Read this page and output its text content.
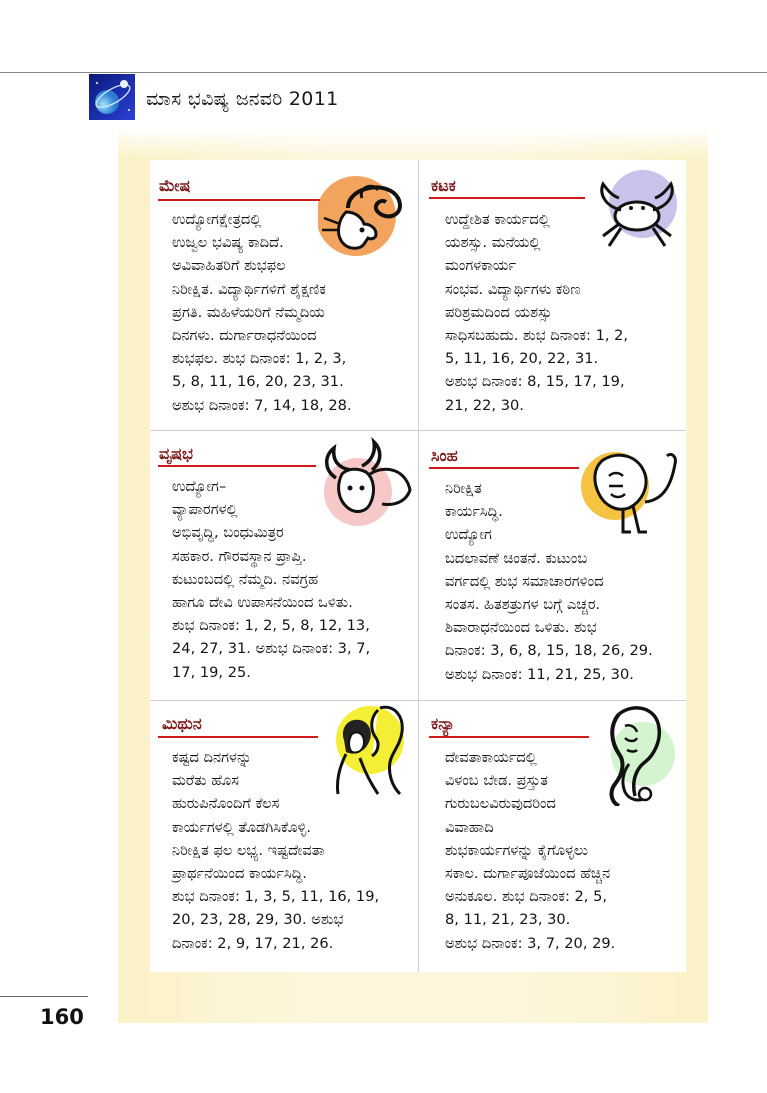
ಮಾಸ ಭವಿಷ್ಯ ಜನವರಿ 2011
ಮೇಷ
ಉದ್ಯೋಗಕ್ಷೇತ್ರದಲ್ಲಿ
ಉಜ್ವಲ ಭವಿಷ್ಯ ಕಾದಿದೆ.
ಅವಿವಾಹಿತರಿಗೆ ಶುಭಫಲ
ನಿರೀಕ್ಷಿತ. ವಿದ್ಯಾರ್ಥಿಗಳಿಗೆ ಶೈಕ್ಷಣಿಕ
ಪ್ರಗತಿ. ಮಹಿಳೆಯರಿಗೆ ನೆಮ್ಮದಿಯ
ದಿನಗಳು. ದುರ್ಗಾರಾಧನೆಯಿಂದ
ಶುಭಫಲ. ಶುಭ ದಿನಾಂಕ: 1, 2, 3,
5, 8, 11, 16, 20, 23, 31.
ಅಶುಭ ದಿನಾಂಕ: 7, 14, 18, 28.
ಕಟಕ
ಉದ್ದೇಶಿತ ಕಾರ್ಯದಲ್ಲಿ
ಯಶಸ್ಸು. ಮನೆಯಲ್ಲಿ
ಮಂಗಳಕಾರ್ಯ
ಸಂಭವ. ವಿದ್ಯಾರ್ಥಿಗಳು ಕಠಿಣ
ಪರಿಶ್ರಮದಿಂದ ಯಶಸ್ಸು
ಸಾಧಿಸಬಹುದು. ಶುಭ ದಿನಾಂಕ: 1, 2,
5, 11, 16, 20, 22, 31.
ಅಶುಭ ದಿನಾಂಕ: 8, 15, 17, 19,
21, 22, 30.
ವೃಷಭ
ಉದ್ಯೋಗ–
ವ್ಯಾಪಾರಗಳಲ್ಲಿ
ಅಭಿವೃದ್ಧಿ, ಬಂಧುಮಿತ್ರರ
ಸಹಕಾರ. ಗೌರವಸ್ಥಾನ ಪ್ರಾಪ್ತಿ.
ಕುಟುಂಬದಲ್ಲಿ ನೆಮ್ಮದಿ. ನವಗ್ರಹ
ಹಾಗೂ ದೇವಿ ಉಪಾಸನೆಯಿಂದ ಒಳಿತು.
ಶುಭ ದಿನಾಂಕ: 1, 2, 5, 8, 12, 13,
24, 27, 31. ಅಶುಭ ದಿನಾಂಕ: 3, 7,
17, 19, 25.
ಸಿಂಹ
ನಿರೀಕ್ಷಿತ
ಕಾರ್ಯಸಿದ್ಧಿ.
ಉದ್ಯೋಗ
ಬದಲಾವಣೆ ಚಿಂತನೆ. ಕುಟುಂಬ
ವರ್ಗದಲ್ಲಿ ಶುಭ ಸಮಾಚಾರಗಳಿಂದ
ಸಂತಸ. ಹಿತಶತ್ರುಗಳ ಬಗ್ಗೆ ಎಚ್ಚರ.
ಶಿವಾರಾಧನೆಯಿಂದ ಒಳಿತು. ಶುಭ
ದಿನಾಂಕ: 3, 6, 8, 15, 18, 26, 29.
ಅಶುಭ ದಿನಾಂಕ: 11, 21, 25, 30.
ಮಿಥುನ
ಕಷ್ಟದ ದಿನಗಳನ್ನು
ಮರೆತು ಹೊಸ
ಹುರುಪಿನೊಂದಿಗೆ ಕೆಲಸ
ಕಾರ್ಯಗಳಲ್ಲಿ ತೊಡಗಿಸಿಕೊಳ್ಳಿ.
ನಿರೀಕ್ಷಿತ ಫಲ ಲಭ್ಯ. ಇಷ್ಟದೇವತಾ
ಪ್ರಾರ್ಥನೆಯಿಂದ ಕಾರ್ಯಸಿದ್ಧಿ.
ಶುಭ ದಿನಾಂಕ: 1, 3, 5, 11, 16, 19,
20, 23, 28, 29, 30. ಅಶುಭ
ದಿನಾಂಕ: 2, 9, 17, 21, 26.
ಕನ್ಯಾ
ದೇವತಾಕಾರ್ಯದಲ್ಲಿ
ವಿಳಂಬ ಬೇಡ. ಪ್ರಸ್ತುತ
ಗುರುಬಲವಿರುವುದರಿಂದ
ವಿವಾಹಾದಿ
ಶುಭಕಾರ್ಯಗಳನ್ನು ಕೈಗೊಳ್ಳಲು
ಸಕಾಲ. ದುರ್ಗಾಪೂಜೆಯಿಂದ ಹೆಚ್ಚಿನ
ಅನುಕೂಲ. ಶುಭ ದಿನಾಂಕ: 2, 5,
8, 11, 21, 23, 30.
ಅಶುಭ ದಿನಾಂಕ: 3, 7, 20, 29.
160
